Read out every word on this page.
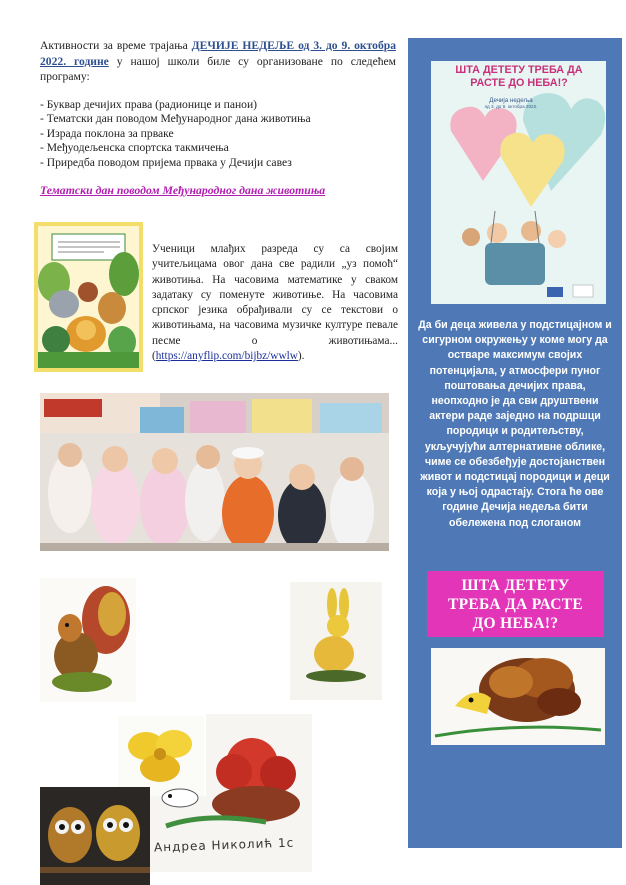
Активности за време трајања ДЕЧИЈЕ НЕДЕЉЕ од 3. до 9. октобра 2022. године у нашој школи биле су организоване по следећем програму:
- Буквар дечијих права (радионице и панои)
- Тематски дан поводом Међународног дана животиња
- Израда поклона за прваке
- Међуодељенска спортска такмичења
- Приредба поводом пријема првака у Дечији савез
Тематски дан поводом Међународног дана животиња
Ученици млађих разреда су са својим учитељицама овог дана све радили „уз помоћ“ животиња. На часовима математике у сваком задатаку су поменуте животиње. На часовима српског језика обрађивали су се текстови о животињама, на часовима музичке културе певале песме о животињама... (https://anyflip.com/bijbz/wwlw).
Андреа Николић 1с
ШТА ДЕТЕТУ ТРЕБА ДА РАСТЕ ДО НЕБА!?
Дечија недеља
од 3. до 9. октобра 2022.
Да би деца живела у подстицајном и сигурном окружењу у коме могу да остваре максимум својих потенцијала, у атмосфери пуног поштовања дечијих права, неопходно је да сви друштвени актери раде заједно на подршци породици и родитељству, укључујући алтернативне облике, чиме се обезбеђује достојанствен живот и подстицај породици и деци која у њој одрастају. Стога ће ове године Дечија недеља бити обележена под слоганом
ШТА ДЕТЕТУ
ТРЕБА ДА РАСТЕ
ДО НЕБА!?
